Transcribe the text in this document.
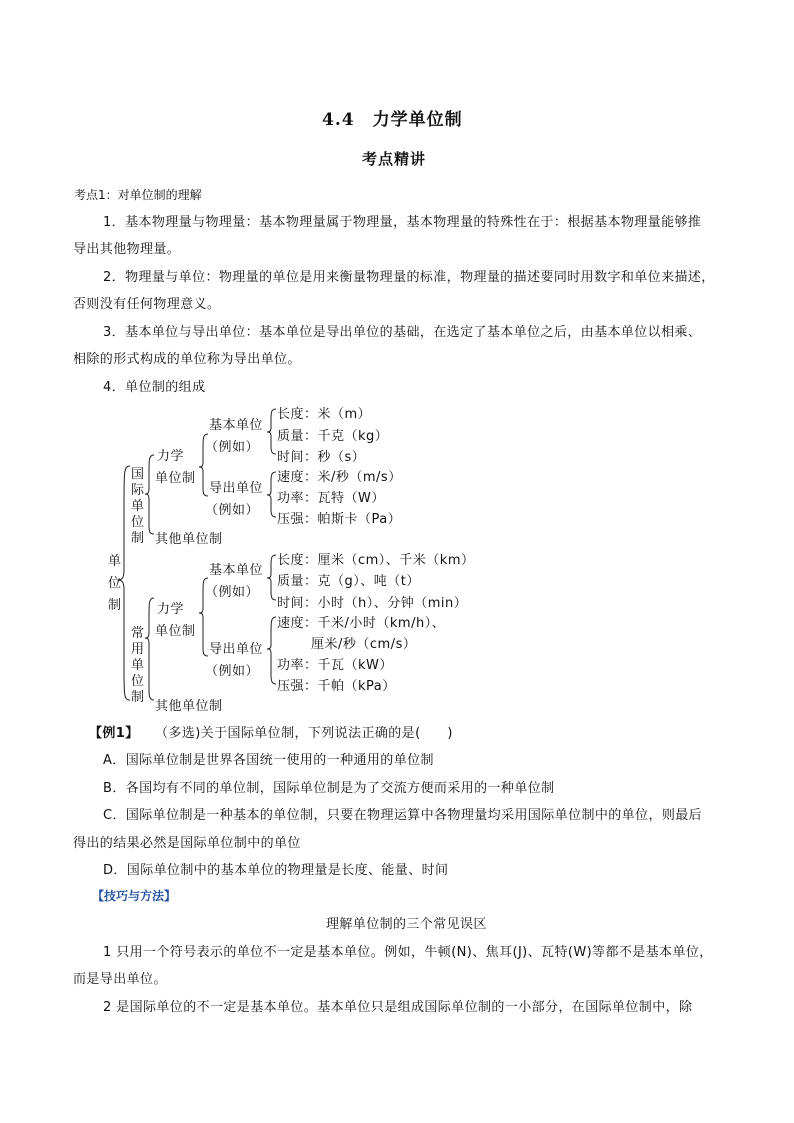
4.4　力学单位制
考点精讲
考点1：对单位制的理解
1．基本物理量与物理量：基本物理量属于物理量，基本物理量的特殊性在于：根据基本物理量能够推
导出其他物理量。
2．物理量与单位：物理量的单位是用来衡量物理量的标准，物理量的描述要同时用数字和单位来描述，
否则没有任何物理意义。
3．基本单位与导出单位：基本单位是导出单位的基础，在选定了基本单位之后，由基本单位以相乘、
相除的形式构成的单位称为导出单位。
4．单位制的组成
单
位
制
国
际
单
位
制
常
用
单
位
制
力学
单位制
其他单位制
力学
单位制
其他单位制
基本单位
（例如）
导出单位
（例如）
基本单位
（例如）
导出单位
（例如）
长度：米（m）
质量：千克（kg）
时间：秒（s）
速度：米/秒（m/s）
功率：瓦特（W）
压强：帕斯卡（Pa）
长度：厘米（cm）、千米（km）
质量：克（g）、吨（t）
时间：小时（h）、分钟（min）
速度：千米/小时（km/h）、
厘米/秒（cm/s）
功率：千瓦（kW）
压强：千帕（kPa）
【例1】 （多选)关于国际单位制，下列说法正确的是(　　)
A．国际单位制是世界各国统一使用的一种通用的单位制
B．各国均有不同的单位制，国际单位制是为了交流方便而采用的一种单位制
C．国际单位制是一种基本的单位制，只要在物理运算中各物理量均采用国际单位制中的单位，则最后
得出的结果必然是国际单位制中的单位
D．国际单位制中的基本单位的物理量是长度、能量、时间
【技巧与方法】
理解单位制的三个常见误区
1 只用一个符号表示的单位不一定是基本单位。例如，牛顿(N)、焦耳(J)、瓦特(W)等都不是基本单位，
而是导出单位。
2 是国际单位的不一定是基本单位。基本单位只是组成国际单位制的一小部分，在国际单位制中，除
